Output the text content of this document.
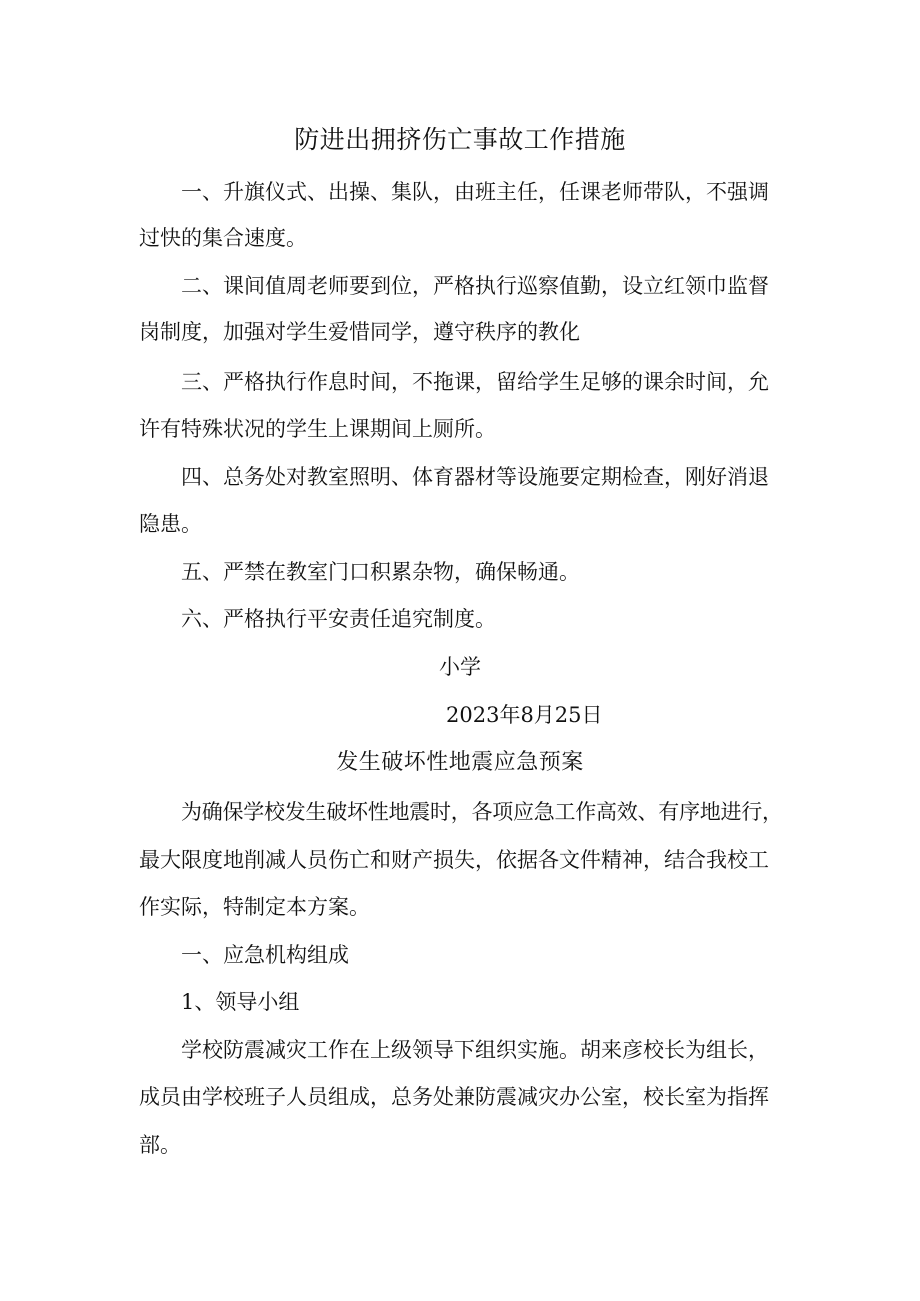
防进出拥挤伤亡事故工作措施
一、升旗仪式、出操、集队，由班主任，任课老师带队，不强调
过快的集合速度。
二、课间值周老师要到位，严格执行巡察值勤，设立红领巾监督
岗制度，加强对学生爱惜同学，遵守秩序的教化
三、严格执行作息时间，不拖课，留给学生足够的课余时间，允
许有特殊状况的学生上课期间上厕所。
四、总务处对教室照明、体育器材等设施要定期检查，刚好消退
隐患。
五、严禁在教室门口积累杂物，确保畅通。
六、严格执行平安责任追究制度。
小学
2023年8月25日
发生破坏性地震应急预案
为确保学校发生破坏性地震时，各项应急工作高效、有序地进行，
最大限度地削减人员伤亡和财产损失，依据各文件精神，结合我校工
作实际，特制定本方案。
一、应急机构组成
1、领导小组
学校防震减灾工作在上级领导下组织实施。胡来彦校长为组长，
成员由学校班子人员组成，总务处兼防震减灾办公室，校长室为指挥
部。
